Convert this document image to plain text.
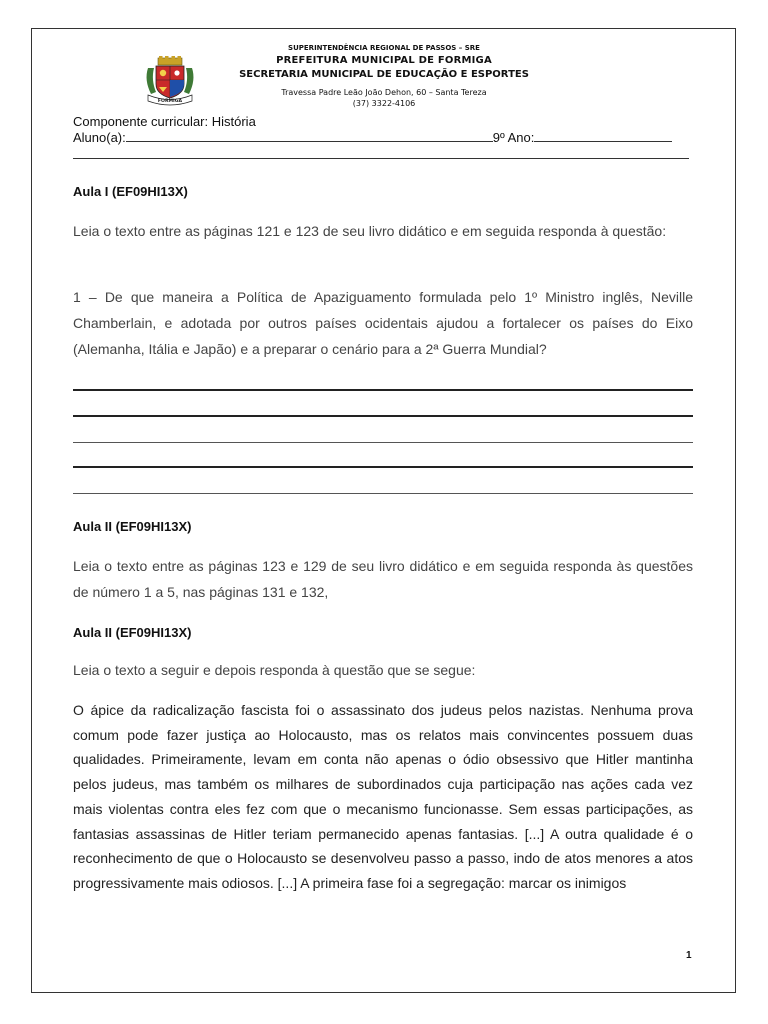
FORMIGA
SUPERINTENDÊNCIA REGIONAL DE PASSOS – SRE
PREFEITURA MUNICIPAL DE FORMIGA
SECRETARIA MUNICIPAL DE EDUCAÇÃO E ESPORTES
Travessa Padre Leão João Dehon, 60 – Santa Tereza
(37) 3322-4106
Componente curricular: História
Aluno(a):	9º Ano:
Aula I (EF09HI13X)

Leia o texto entre as páginas 121 e 123 de seu livro didático e em seguida responda à questão:

1 – De que maneira a Política de Apaziguamento formulada pelo 1º Ministro inglês, Neville Chamberlain, e adotada por outros países ocidentais ajudou a fortalecer os países do Eixo (Alemanha, Itália e Japão) e a preparar o cenário para a 2ª Guerra Mundial?

Aula II (EF09HI13X)

Leia o texto entre as páginas 123 e 129 de seu livro didático e em seguida responda às questões de número 1 a 5, nas páginas 131 e 132,

Aula II (EF09HI13X)

Leia o texto a seguir e depois responda à questão que se segue:

O ápice da radicalização fascista foi o assassinato dos judeus pelos nazistas. Nenhuma prova comum pode fazer justiça ao Holocausto, mas os relatos mais convincentes possuem duas qualidades. Primeiramente, levam em conta não apenas o ódio obsessivo que Hitler mantinha pelos judeus, mas também os milhares de subordinados cuja participação nas ações cada vez mais violentas contra eles fez com que o mecanismo funcionasse. Sem essas participações, as fantasias assassinas de Hitler teriam permanecido apenas fantasias. [...] A outra qualidade é o reconhecimento de que o Holocausto se desenvolveu passo a passo, indo de atos menores a atos progressivamente mais odiosos. [...] A primeira fase foi a segregação: marcar os inimigos

1
